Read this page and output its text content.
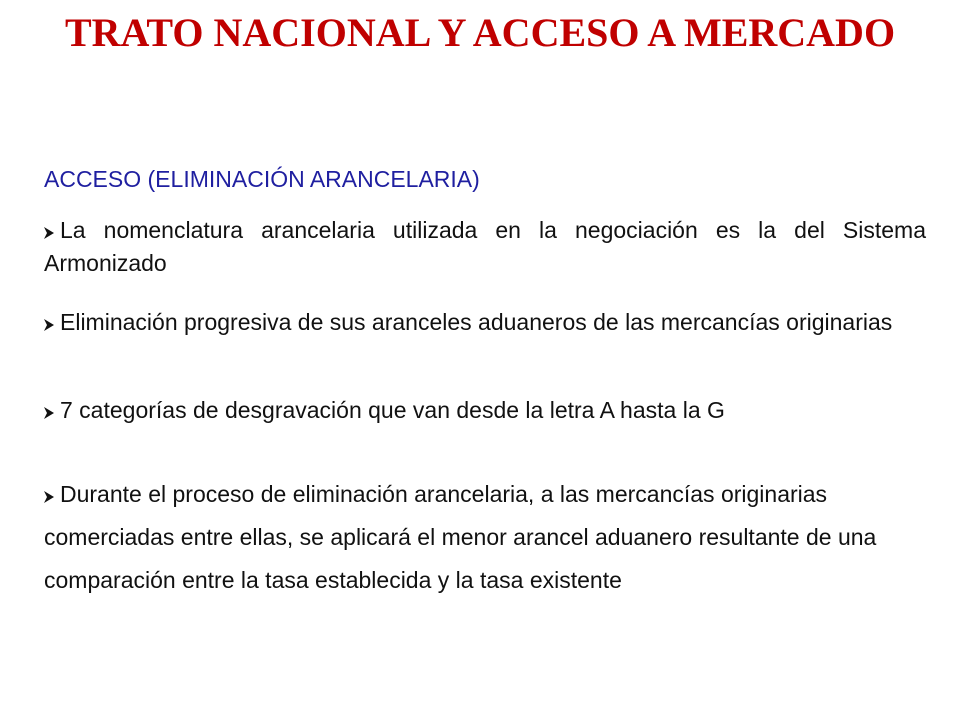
TRATO NACIONAL Y ACCESO A MERCADO
ACCESO (ELIMINACIÓN ARANCELARIA)
La nomenclatura arancelaria utilizada en la negociación es la del Sistema Armonizado
Eliminación progresiva de sus aranceles aduaneros de las mercancías originarias
7 categorías de desgravación que van desde la letra A hasta la G
Durante el proceso de eliminación arancelaria, a las mercancías originarias comerciadas entre ellas, se aplicará el menor arancel aduanero resultante de una comparación entre la tasa establecida y la tasa existente
